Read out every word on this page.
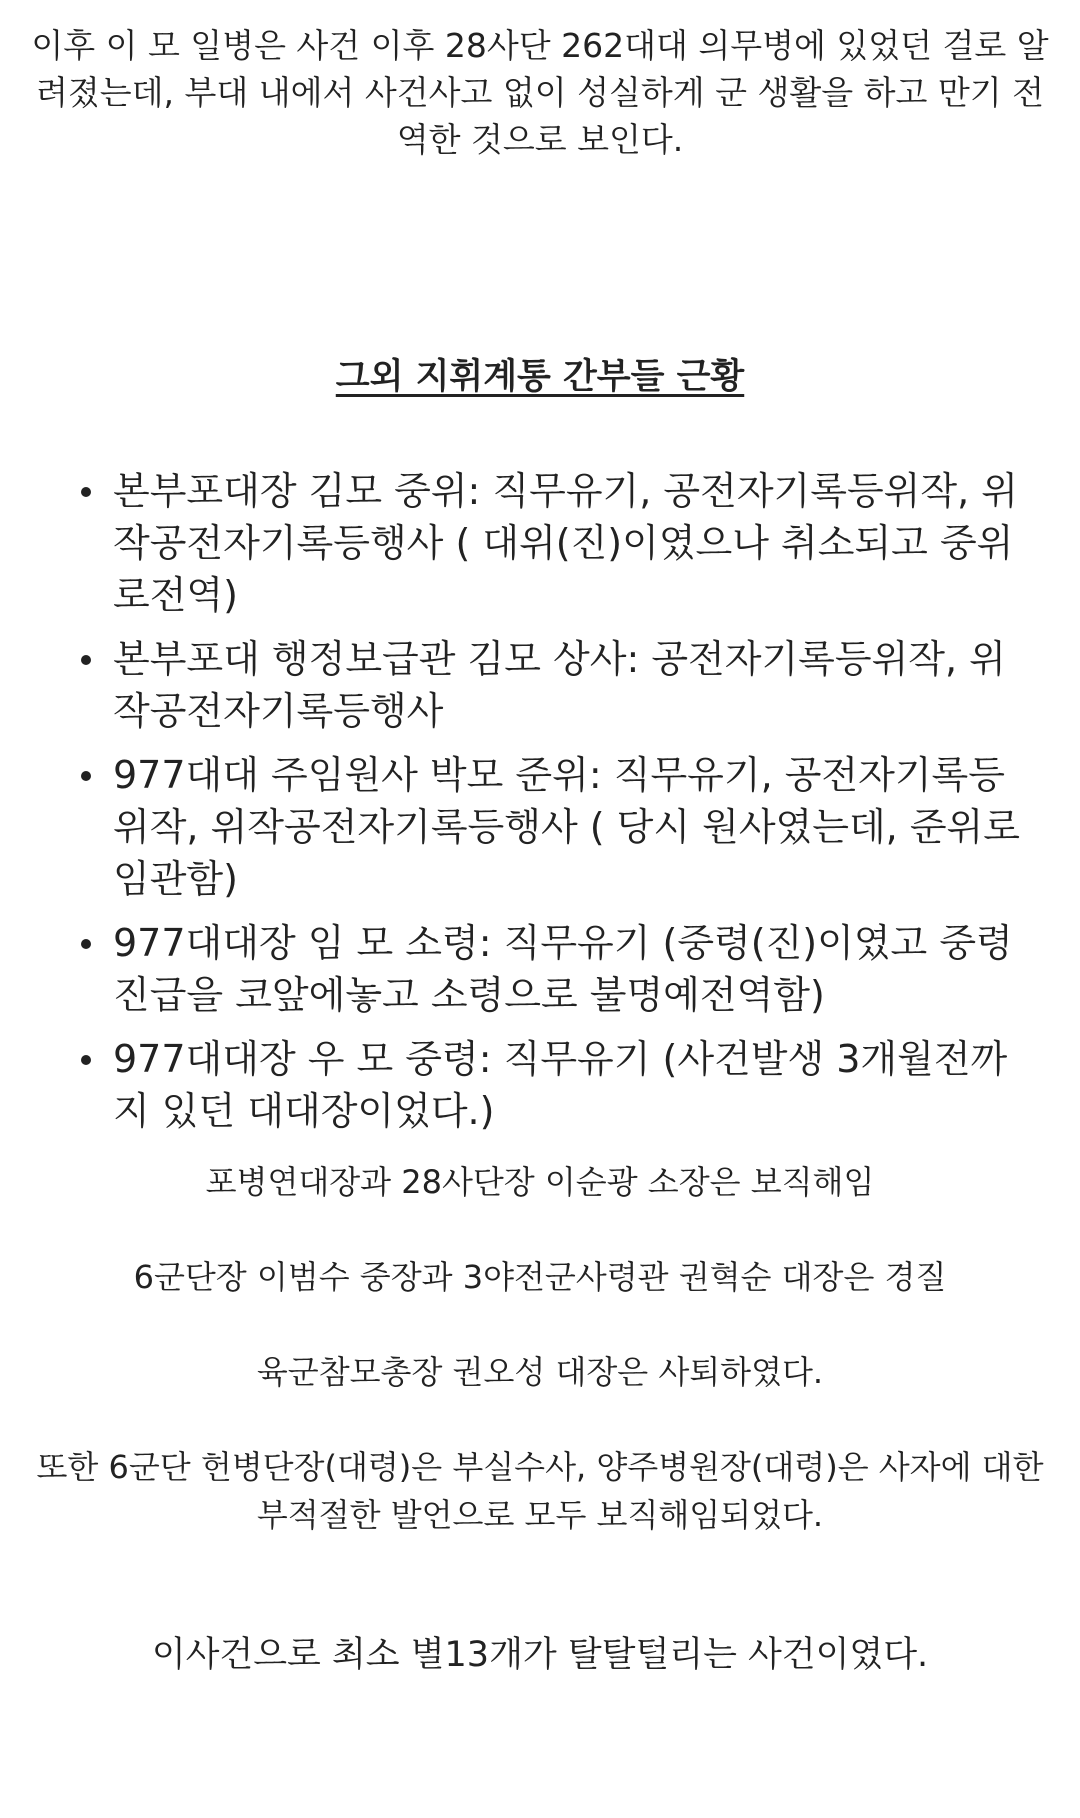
이후 이 모 일병은 사건 이후 28사단 262대대 의무병에 있었던 걸로 알려졌는데, 부대 내에서 사건사고 없이 성실하게 군 생활을 하고 만기 전역한 것으로 보인다.

그외 지휘계통 간부들 근황
본부포대장 김모 중위: 직무유기, 공전자기록등위작, 위작공전자기록등행사 ( 대위(진)이였으나 취소되고 중위로전역)
본부포대 행정보급관 김모 상사: 공전자기록등위작, 위작공전자기록등행사
977대대 주임원사 박모 준위: 직무유기, 공전자기록등위작, 위작공전자기록등행사 ( 당시 원사였는데, 준위로 임관함)
977대대장 임 모 소령: 직무유기 (중령(진)이였고 중령진급을 코앞에놓고 소령으로 불명예전역함)
977대대장 우 모 중령: 직무유기 (사건발생 3개월전까지 있던 대대장이었다.)

포병연대장과 28사단장 이순광 소장은 보직해임

6군단장 이범수 중장과 3야전군사령관 권혁순 대장은 경질

육군참모총장 권오성 대장은 사퇴하였다.

또한 6군단 헌병단장(대령)은 부실수사, 양주병원장(대령)은 사자에 대한 부적절한 발언으로 모두 보직해임되었다.

이사건으로 최소 별13개가 탈탈털리는 사건이였다.
